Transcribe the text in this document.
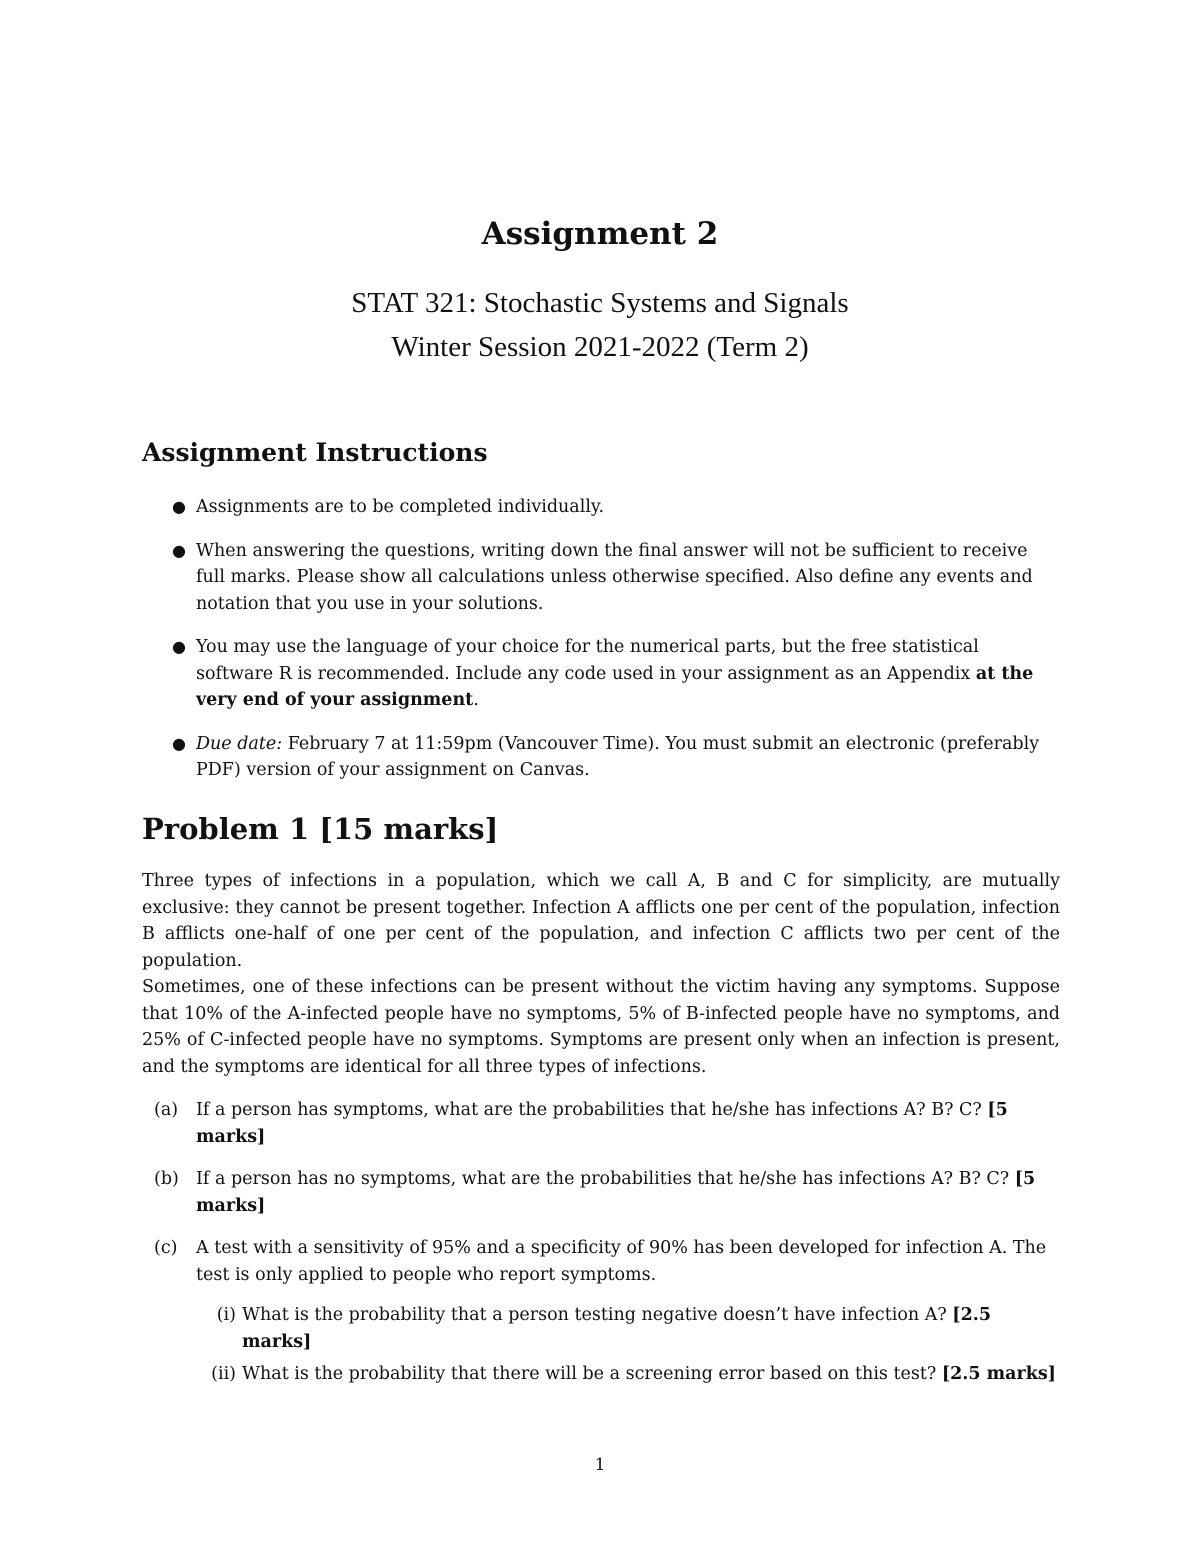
Assignment 2
STAT 321: Stochastic Systems and Signals
Winter Session 2021-2022 (Term 2)
Assignment Instructions
● Assignments are to be completed individually.
● When answering the questions, writing down the final answer will not be sufficient to receive full marks. Please show all calculations unless otherwise specified. Also define any events and notation that you use in your solutions.
● You may use the language of your choice for the numerical parts, but the free statistical software R is recommended. Include any code used in your assignment as an Appendix at the very end of your assignment.
● Due date: February 7 at 11:59pm (Vancouver Time). You must submit an electronic (preferably PDF) version of your assignment on Canvas.
Problem 1 [15 marks]
Three types of infections in a population, which we call A, B and C for simplicity, are mutually exclusive: they cannot be present together. Infection A afflicts one per cent of the population, infection B afflicts one-half of one per cent of the population, and infection C afflicts two per cent of the population.
Sometimes, one of these infections can be present without the victim having any symptoms. Suppose that 10% of the A-infected people have no symptoms, 5% of B-infected people have no symptoms, and 25% of C-infected people have no symptoms. Symptoms are present only when an infection is present, and the symptoms are identical for all three types of infections.
(a) If a person has symptoms, what are the probabilities that he/she has infections A? B? C? [5 marks]
(b) If a person has no symptoms, what are the probabilities that he/she has infections A? B? C? [5 marks]
(c) A test with a sensitivity of 95% and a specificity of 90% has been developed for infection A. The test is only applied to people who report symptoms.
(i) What is the probability that a person testing negative doesn’t have infection A? [2.5 marks]
(ii) What is the probability that there will be a screening error based on this test? [2.5 marks]
1
